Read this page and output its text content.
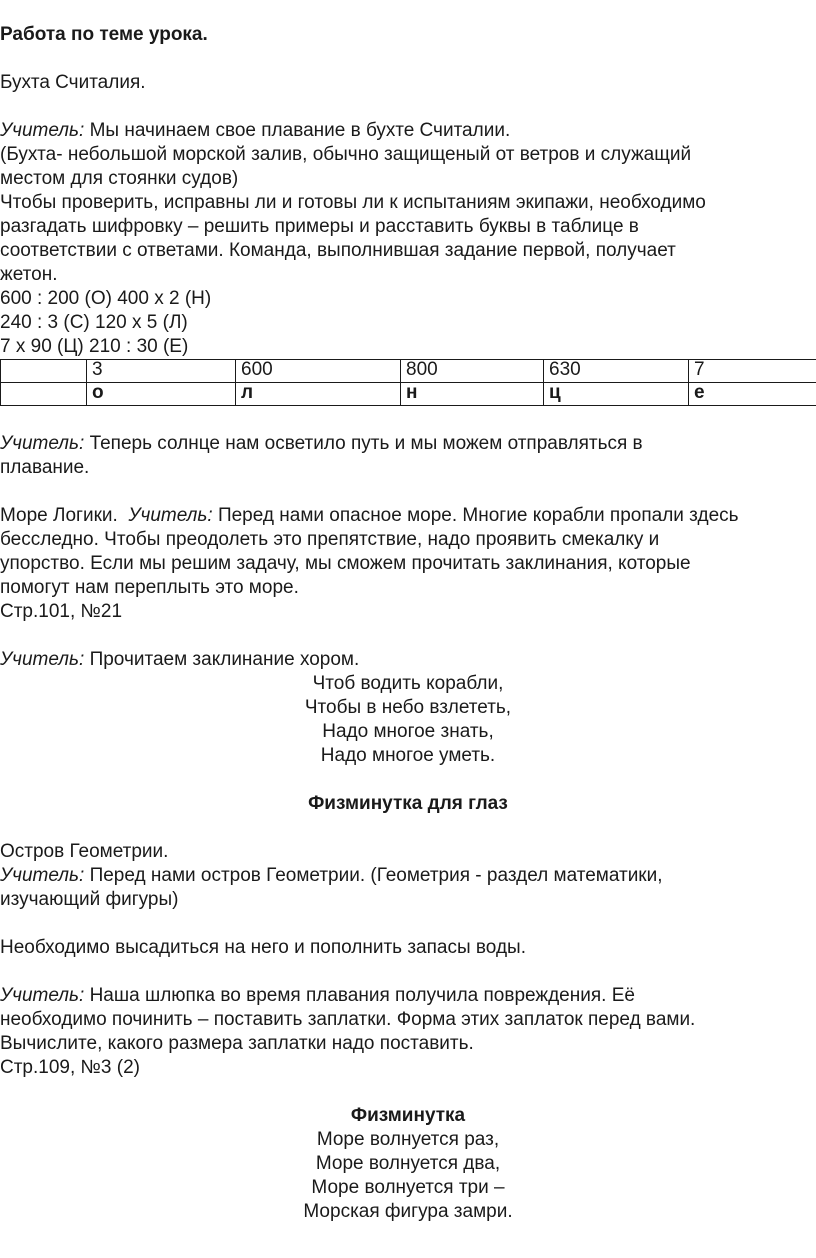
Работа по теме урока.

Бухта Считалия.

Учитель: Мы начинаем свое плавание в бухте Считалии.

(Бухта- небольшой морской залив, обычно защищеный от ветров и служащий

местом для стоянки судов)

Чтобы проверить, исправны ли и готовы ли к испытаниям экипажи, необходимо

разгадать шифровку – решить примеры и расставить буквы в таблице в

соответствии с ответами. Команда, выполнившая задание первой, получает

жетон.

600 : 200 (О) 400 х 2 (Н)

240 : 3 (С) 120 х 5 (Л)

7 х 90 (Ц) 210 : 30 (Е)

	3	600	800	630	7
	о	л	н	ц	е

Учитель: Теперь солнце нам осветило путь и мы можем отправляться в

плавание.

Море Логики.  Учитель: Перед нами опасное море. Многие корабли пропали здесь

бесследно. Чтобы преодолеть это препятствие, надо проявить смекалку и

упорство. Если мы решим задачу, мы сможем прочитать заклинания, которые

помогут нам переплыть это море.

Стр.101, №21

Учитель: Прочитаем заклинание хором.

Чтоб водить корабли,

Чтобы в небо взлететь,

Надо многое знать,

Надо многое уметь.

Физминутка для глаз

Остров Геометрии.

Учитель: Перед нами остров Геометрии. (Геометрия - раздел математики,

изучающий фигуры)

Необходимо высадиться на него и пополнить запасы воды.

Учитель: Наша шлюпка во время плавания получила повреждения. Её

необходимо починить – поставить заплатки. Форма этих заплаток перед вами.

Вычислите, какого размера заплатки надо поставить.

Стр.109, №3 (2)

Физминутка

Море волнуется раз,

Море волнуется два,

Море волнуется три –

Морская фигура замри.
